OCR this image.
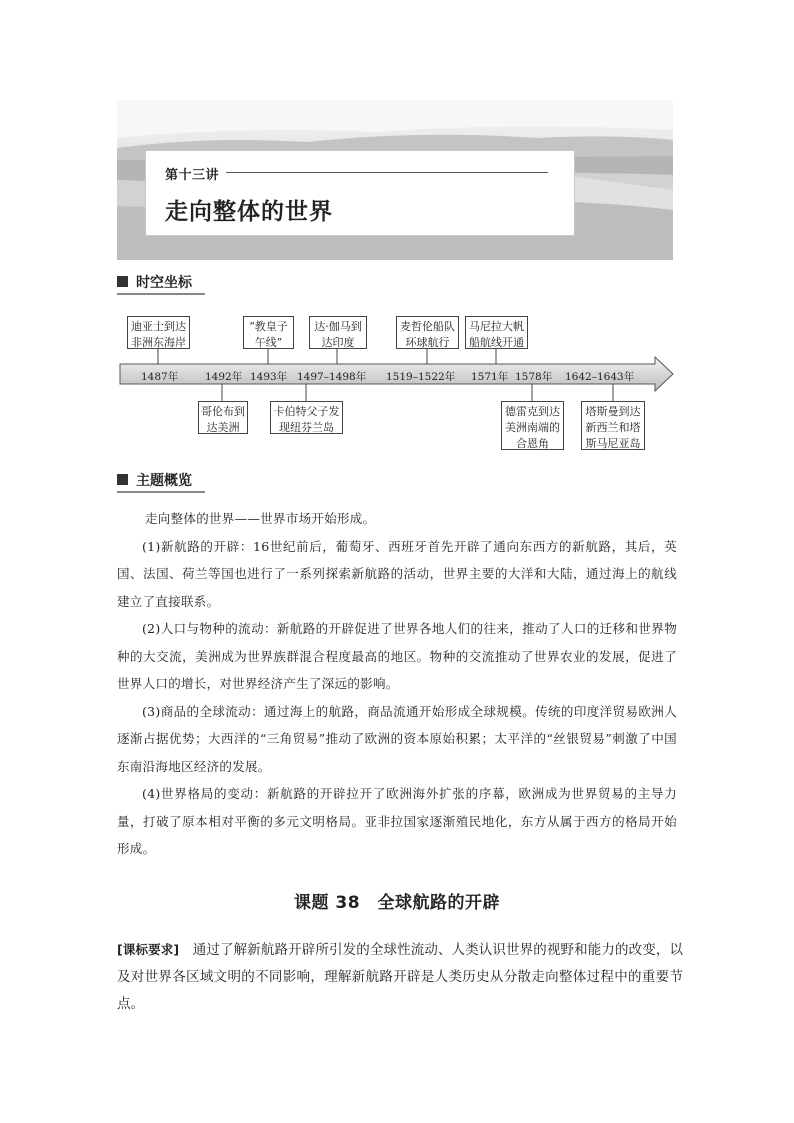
第十三讲
走向整体的世界
时空坐标
迪亚士到达
非洲东海岸
“教皇子
午线”
达·伽马到
达印度
麦哲伦船队
环球航行
马尼拉大帆
船航线开通
1487年	1492年 1493年 1497–1498年 1519–1522年 1571年 1578年 1642–1643年
哥伦布到
达美洲
卡伯特父子发
现纽芬兰岛
德雷克到达
美洲南端的
合恩角
塔斯曼到达
新西兰和塔
斯马尼亚岛
主题概览

走向整体的世界——世界市场开始形成。

(1)新航路的开辟：16世纪前后，葡萄牙、西班牙首先开辟了通向东西方的新航路，其后，英国、法国、荷兰等国也进行了一系列探索新航路的活动，世界主要的大洋和大陆，通过海上的航线建立了直接联系。

(2)人口与物种的流动：新航路的开辟促进了世界各地人们的往来，推动了人口的迁移和世界物种的大交流，美洲成为世界族群混合程度最高的地区。物种的交流推动了世界农业的发展，促进了世界人口的增长，对世界经济产生了深远的影响。

(3)商品的全球流动：通过海上的航路，商品流通开始形成全球规模。传统的印度洋贸易欧洲人逐渐占据优势；大西洋的“三角贸易”推动了欧洲的资本原始积累；太平洋的“丝银贸易”刺激了中国东南沿海地区经济的发展。

(4)世界格局的变动：新航路的开辟拉开了欧洲海外扩张的序幕，欧洲成为世界贸易的主导力量，打破了原本相对平衡的多元文明格局。亚非拉国家逐渐殖民地化，东方从属于西方的格局开始形成。

课题 38　全球航路的开辟
[课标要求]　通过了解新航路开辟所引发的全球性流动、人类认识世界的视野和能力的改变，以及对世界各区域文明的不同影响，理解新航路开辟是人类历史从分散走向整体过程中的重要节点。
